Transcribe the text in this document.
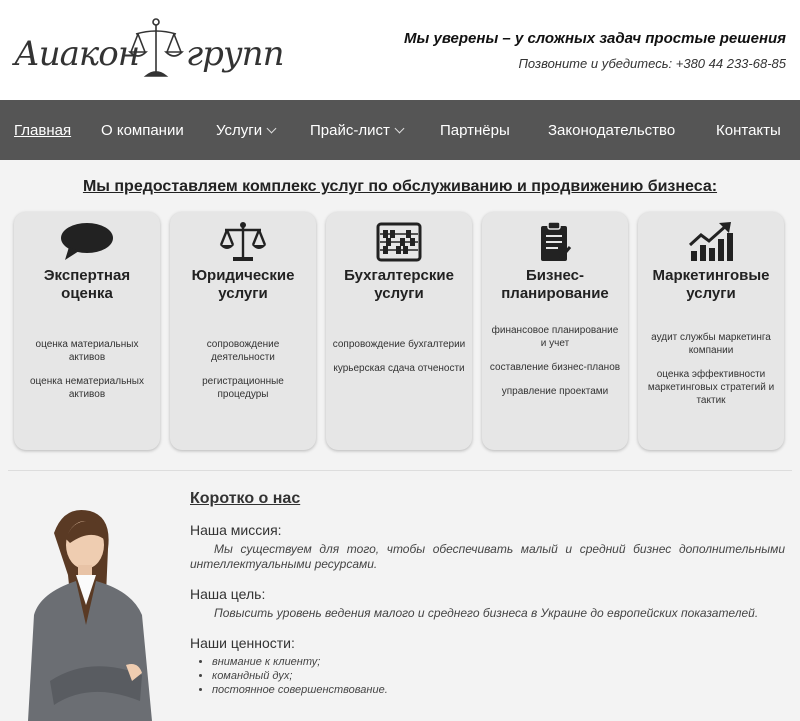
Аиакон групп	Мы уверены – у сложных задач простые решения
Позвоните и убедитесь: +380 44 233-68-85
Главная О компании Услуги	Прайс-лист	Партнёры	Законодательство	Контакты
Мы предоставляем комплекс услуг по обслуживанию и продвижению бизнеса:
Экспертная
оценка

оценка материальных активов

оценка нематериальных активов

Юридические
услуги

сопровождение деятельности

регистрационные процедуры

Бухгалтерские
услуги

сопровождение бухгалтерии

курьерская сдача отчености

Бизнес-
планирование

финансовое планирование и учет

составление бизнес-планов

управление проектами

Маркетинговые
услуги

аудит службы маркетинга компании

оценка эффективности маркетинговых стратегий и тактик

Коротко о нас
Наша миссия:
Мы существуем для того, чтобы обеспечивать малый и средний бизнес дополнительными интеллектуальными ресурсами.
Наша цель:
Повысить уровень ведения малого и среднего бизнеса в Украине до европейских показателей.
Наши ценности:
• внимание к клиенту;
• командный дух;
• постоянное совершенствование.
